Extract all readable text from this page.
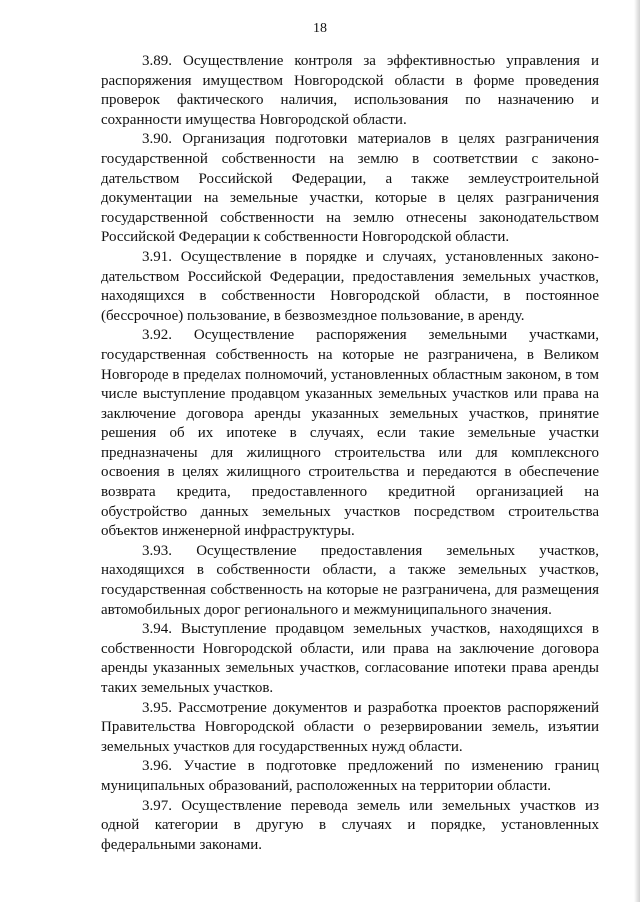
18

3.89. Осуществление контроля за эффективностью управления и распоряжения имуществом Новгородской области в форме проведения проверок фактического наличия, использования по назначению и сохранности имущества Новгородской области.

3.90. Организация подготовки материалов в целях разграничения государственной собственности на землю в соответствии с законо-дательством Российской Федерации, а также землеустроительной документации на земельные участки, которые в целях разграничения государственной собственности на землю отнесены законодательством Российской Федерации к собственности Новгородской области.

3.91. Осуществление в порядке и случаях, установленных законо-дательством Российской Федерации, предоставления земельных участков, находящихся в собственности Новгородской области, в постоянное (бессрочное) пользование, в безвозмездное пользование, в аренду.

3.92. Осуществление распоряжения земельными участками, государственная собственность на которые не разграничена, в Великом Новгороде в пределах полномочий, установленных областным законом, в том числе выступление продавцом указанных земельных участков или права на заключение договора аренды указанных земельных участков, принятие решения об их ипотеке в случаях, если такие земельные участки предназначены для жилищного строительства или для комплексного освоения в целях жилищного строительства и передаются в обеспечение возврата кредита, предоставленного кредитной организацией на обустройство данных земельных участков посредством строительства объектов инженерной инфраструктуры.

3.93. Осуществление предоставления земельных участков, находящихся в собственности области, а также земельных участков, государственная собственность на которые не разграничена, для размещения автомобильных дорог регионального и межмуниципального значения.

3.94. Выступление продавцом земельных участков, находящихся в собственности Новгородской области, или права на заключение договора аренды указанных земельных участков, согласование ипотеки права аренды таких земельных участков.

3.95. Рассмотрение документов и разработка проектов распоряжений Правительства Новгородской области о резервировании земель, изъятии земельных участков для государственных нужд области.

3.96. Участие в подготовке предложений по изменению границ муниципальных образований, расположенных на территории области.

3.97. Осуществление перевода земель или земельных участков из одной категории в другую в случаях и порядке, установленных федеральными законами.
